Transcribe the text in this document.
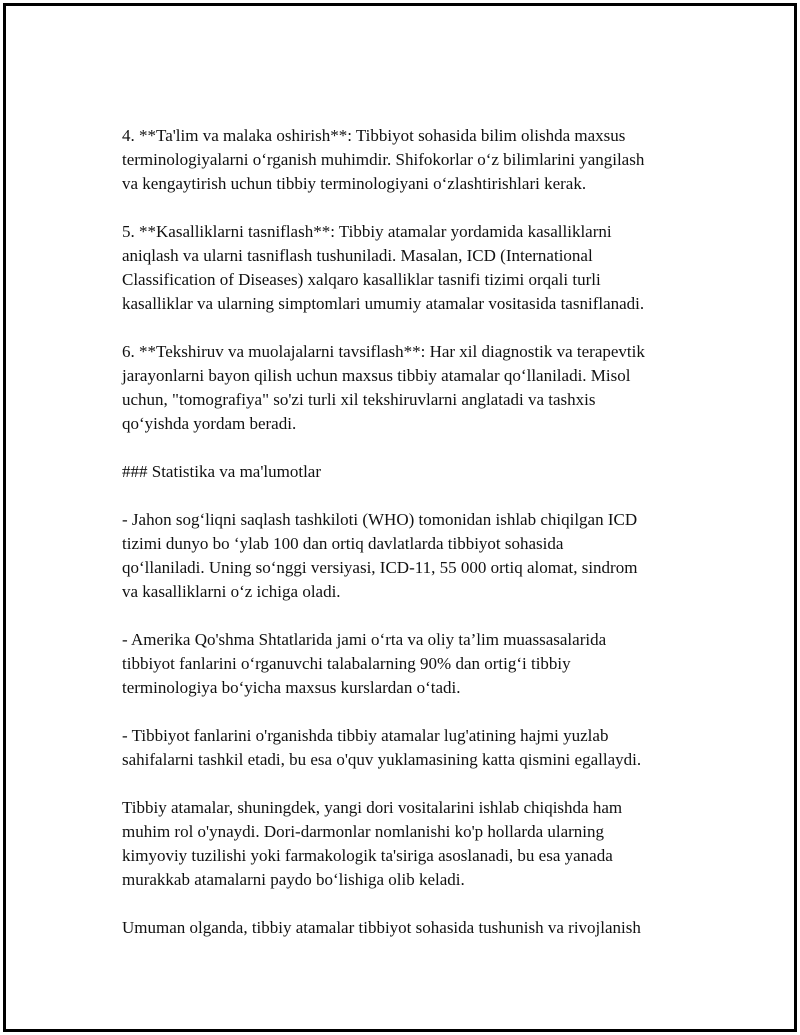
4. **Ta'lim va malaka oshirish**: Tibbiyot sohasida bilim olishda maxsus
terminologiyalarni o‘rganish muhimdir. Shifokorlar o‘z bilimlarini yangilash
va kengaytirish uchun tibbiy terminologiyani o‘zlashtirishlari kerak.

5. **Kasalliklarni tasniflash**: Tibbiy atamalar yordamida kasalliklarni
aniqlash va ularni tasniflash tushuniladi. Masalan, ICD (International
Classification of Diseases) xalqaro kasalliklar tasnifi tizimi orqali turli
kasalliklar va ularning simptomlari umumiy atamalar vositasida tasniflanadi.

6. **Tekshiruv va muolajalarni tavsiflash**: Har xil diagnostik va terapevtik
jarayonlarni bayon qilish uchun maxsus tibbiy atamalar qo‘llaniladi. Misol
uchun, "tomografiya" so'zi turli xil tekshiruvlarni anglatadi va tashxis
qo‘yishda yordam beradi.

### Statistika va ma'lumotlar

- Jahon sog‘liqni saqlash tashkiloti (WHO) tomonidan ishlab chiqilgan ICD
tizimi dunyo bo ‘ylab 100 dan ortiq davlatlarda tibbiyot sohasida
qo‘llaniladi. Uning so‘nggi versiyasi, ICD-11, 55 000 ortiq alomat, sindrom
va kasalliklarni o‘z ichiga oladi.

- Amerika Qo'shma Shtatlarida jami o‘rta va oliy ta’lim muassasalarida
tibbiyot fanlarini o‘rganuvchi talabalarning 90% dan ortig‘i tibbiy
terminologiya bo‘yicha maxsus kurslardan o‘tadi.

- Tibbiyot fanlarini o'rganishda tibbiy atamalar lug'atining hajmi yuzlab
sahifalarni tashkil etadi, bu esa o'quv yuklamasining katta qismini egallaydi.

Tibbiy atamalar, shuningdek, yangi dori vositalarini ishlab chiqishda ham
muhim rol o'ynaydi. Dori-darmonlar nomlanishi ko'p hollarda ularning
kimyoviy tuzilishi yoki farmakologik ta'siriga asoslanadi, bu esa yanada
murakkab atamalarni paydo bo‘lishiga olib keladi.

Umuman olganda, tibbiy atamalar tibbiyot sohasida tushunish va rivojlanish
